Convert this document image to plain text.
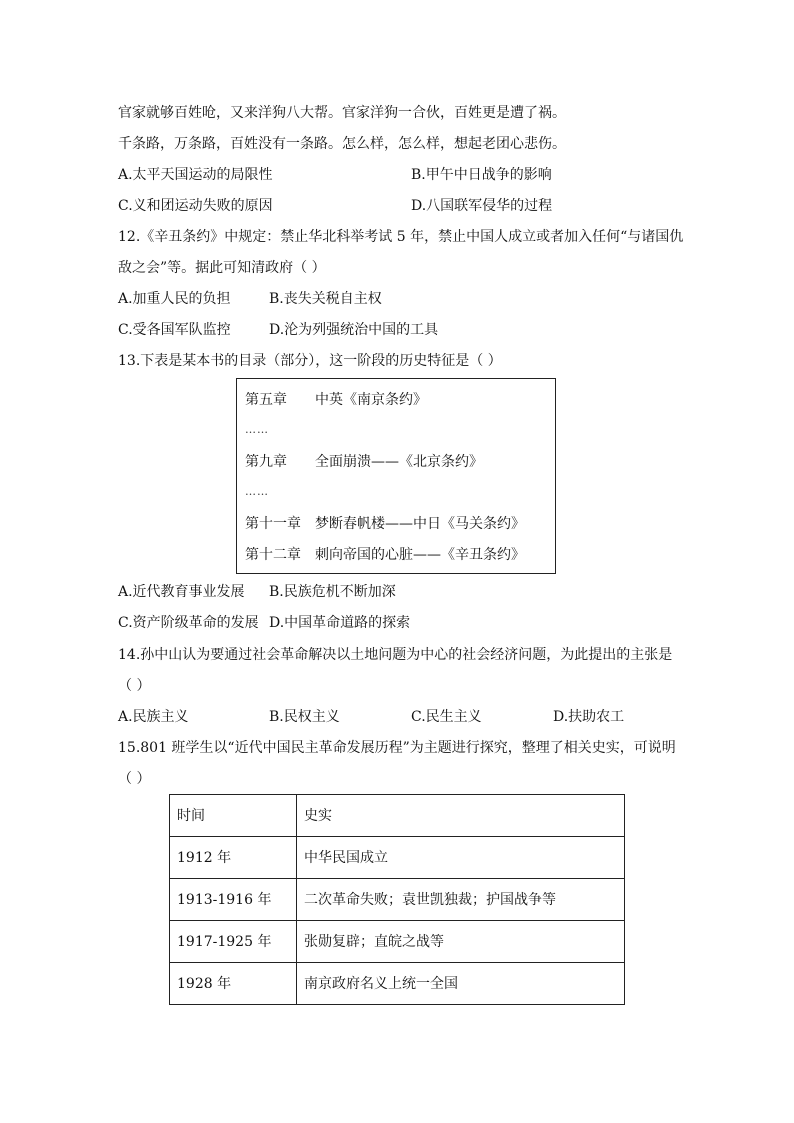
官家就够百姓呛，又来洋狗八大帮。官家洋狗一合伙，百姓更是遭了祸。
千条路，万条路，百姓没有一条路。怎么样，怎么样，想起老团心悲伤。
A.太平天国运动的局限性	B.甲午中日战争的影响
C.义和团运动失败的原因	D.八国联军侵华的过程
12.《辛丑条约》中规定：禁止华北科举考试 5 年，禁止中国人成立或者加入任何“与诸国仇
敌之会”等。据此可知清政府（ ）
A.加重人民的负担	B.丧失关税自主权
C.受各国军队监控	D.沦为列强统治中国的工具
13.下表是某本书的目录（部分），这一阶段的历史特征是（ ）
第五章 中英《南京条约》
……
第九章 全面崩溃——《北京条约》
……
第十一章 梦断春帆楼——中日《马关条约》
第十二章 刺向帝国的心脏——《辛丑条约》
A.近代教育事业发展 B.民族危机不断加深
C.资产阶级革命的发展 D.中国革命道路的探索
14.孙中山认为要通过社会革命解决以土地问题为中心的社会经济问题，为此提出的主张是
（ ）
A.民族主义	B.民权主义	C.民生主义	D.扶助农工
15.801 班学生以“近代中国民主革命发展历程”为主题进行探究，整理了相关史实，可说明
（ ）
时间	史实
1912 年	中华民国成立
1913-1916 年	二次革命失败；袁世凯独裁；护国战争等
1917-1925 年	张勋复辟；直皖之战等
1928 年	南京政府名义上统一全国
